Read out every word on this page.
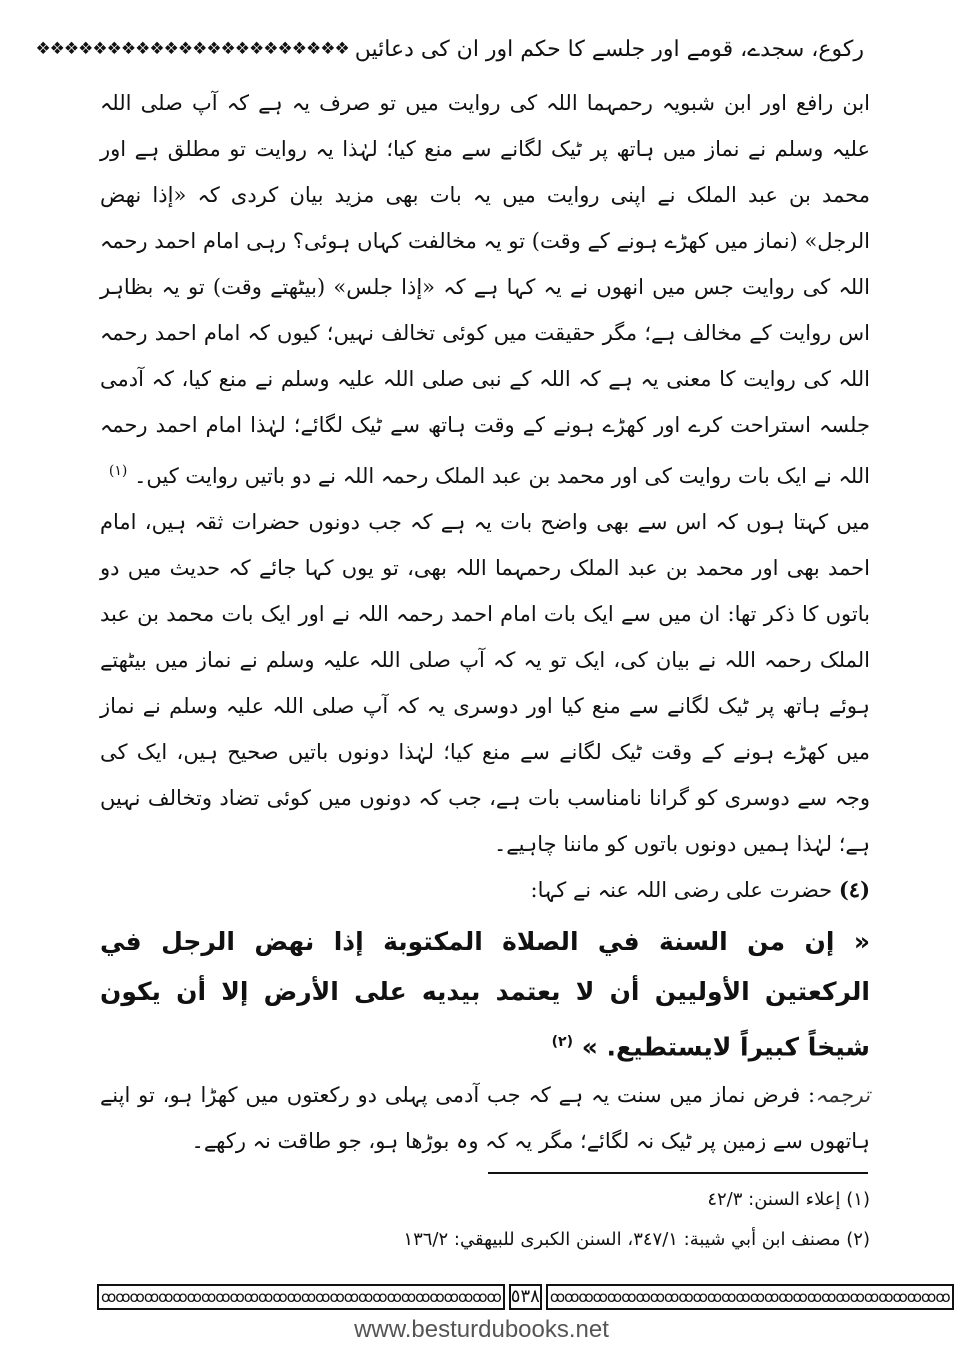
رکوع، سجدے، قومے اور جلسے کا حکم اور ان کی دعائیں
❖❖❖❖❖❖❖❖❖❖❖❖❖❖❖❖❖❖❖❖❖❖

ابن رافع اور ابن شبویہ رحمہما اللہ کی روایت میں تو صرف یہ ہے کہ آپ صلی اللہ علیہ وسلم نے نماز میں ہاتھ پر ٹیک لگانے سے منع کیا؛ لہٰذا یہ روایت تو مطلق ہے اور محمد بن عبد الملک نے اپنی روایت میں یہ بات بھی مزید بیان کردی کہ «إذا نهض الرجل» (نماز میں کھڑے ہونے کے وقت) تو یہ مخالفت کہاں ہوئی؟ رہی امام احمد رحمہ اللہ کی روایت جس میں انھوں نے یہ کہا ہے کہ «إذا جلس» (بیٹھتے وقت) تو یہ بظاہر اس روایت کے مخالف ہے؛ مگر حقیقت میں کوئی تخالف نہیں؛ کیوں کہ امام احمد رحمہ اللہ کی روایت کا معنی یہ ہے کہ اللہ کے نبی صلی اللہ علیہ وسلم نے منع کیا، کہ آدمی جلسہ استراحت کرے اور کھڑے ہونے کے وقت ہاتھ سے ٹیک لگائے؛ لہٰذا امام احمد رحمہ اللہ نے ایک بات روایت کی اور محمد بن عبد الملک رحمہ اللہ نے دو باتیں روایت کیں۔ $^{(١)}$

میں کہتا ہوں کہ اس سے بھی واضح بات یہ ہے کہ جب دونوں حضرات ثقہ ہیں، امام احمد بھی اور محمد بن عبد الملک رحمہما اللہ بھی، تو یوں کہا جائے کہ حدیث میں دو باتوں کا ذکر تھا: ان میں سے ایک بات امام احمد رحمہ اللہ نے اور ایک بات محمد بن عبد الملک رحمہ اللہ نے بیان کی، ایک تو یہ کہ آپ صلی اللہ علیہ وسلم نے نماز میں بیٹھتے ہوئے ہاتھ پر ٹیک لگانے سے منع کیا اور دوسری یہ کہ آپ صلی اللہ علیہ وسلم نے نماز میں کھڑے ہونے کے وقت ٹیک لگانے سے منع کیا؛ لہٰذا دونوں باتیں صحیح ہیں، ایک کی وجہ سے دوسری کو گرانا نامناسب بات ہے، جب کہ دونوں میں کوئی تضاد وتخالف نہیں ہے؛ لہٰذا ہمیں دونوں باتوں کو ماننا چاہیے۔

(٤) حضرت علی رضی اللہ عنہ نے کہا:

« إن من السنة في الصلاة المكتوبة إذا نهض الرجل في الركعتين الأوليين أن لا يعتمد بيديه على الأرض إلا أن يكون شيخاً كبيراً لايستطيع. » $^{(٢)}$

ترجمہ: فرض نماز میں سنت یہ ہے کہ جب آدمی پہلی دو رکعتوں میں کھڑا ہو، تو اپنے ہاتھوں سے زمین پر ٹیک نہ لگائے؛ مگر یہ کہ وہ بوڑھا ہو، جو طاقت نہ رکھے۔

(١) إعلاء السنن: ٤٢/٣

(٢) مصنف ابن أبي شيبة: ٣٤٧/١، السنن الكبرى للبيهقي: ١٣٦/٢

ꝏꝏꝏꝏꝏꝏꝏꝏꝏꝏꝏꝏꝏꝏꝏꝏꝏꝏꝏꝏꝏꝏꝏꝏꝏꝏꝏꝏ ٥٣٨ ꝏꝏꝏꝏꝏꝏꝏꝏꝏꝏꝏꝏꝏꝏꝏꝏꝏꝏꝏꝏꝏꝏꝏꝏꝏꝏꝏꝏ
www.besturdubooks.net
